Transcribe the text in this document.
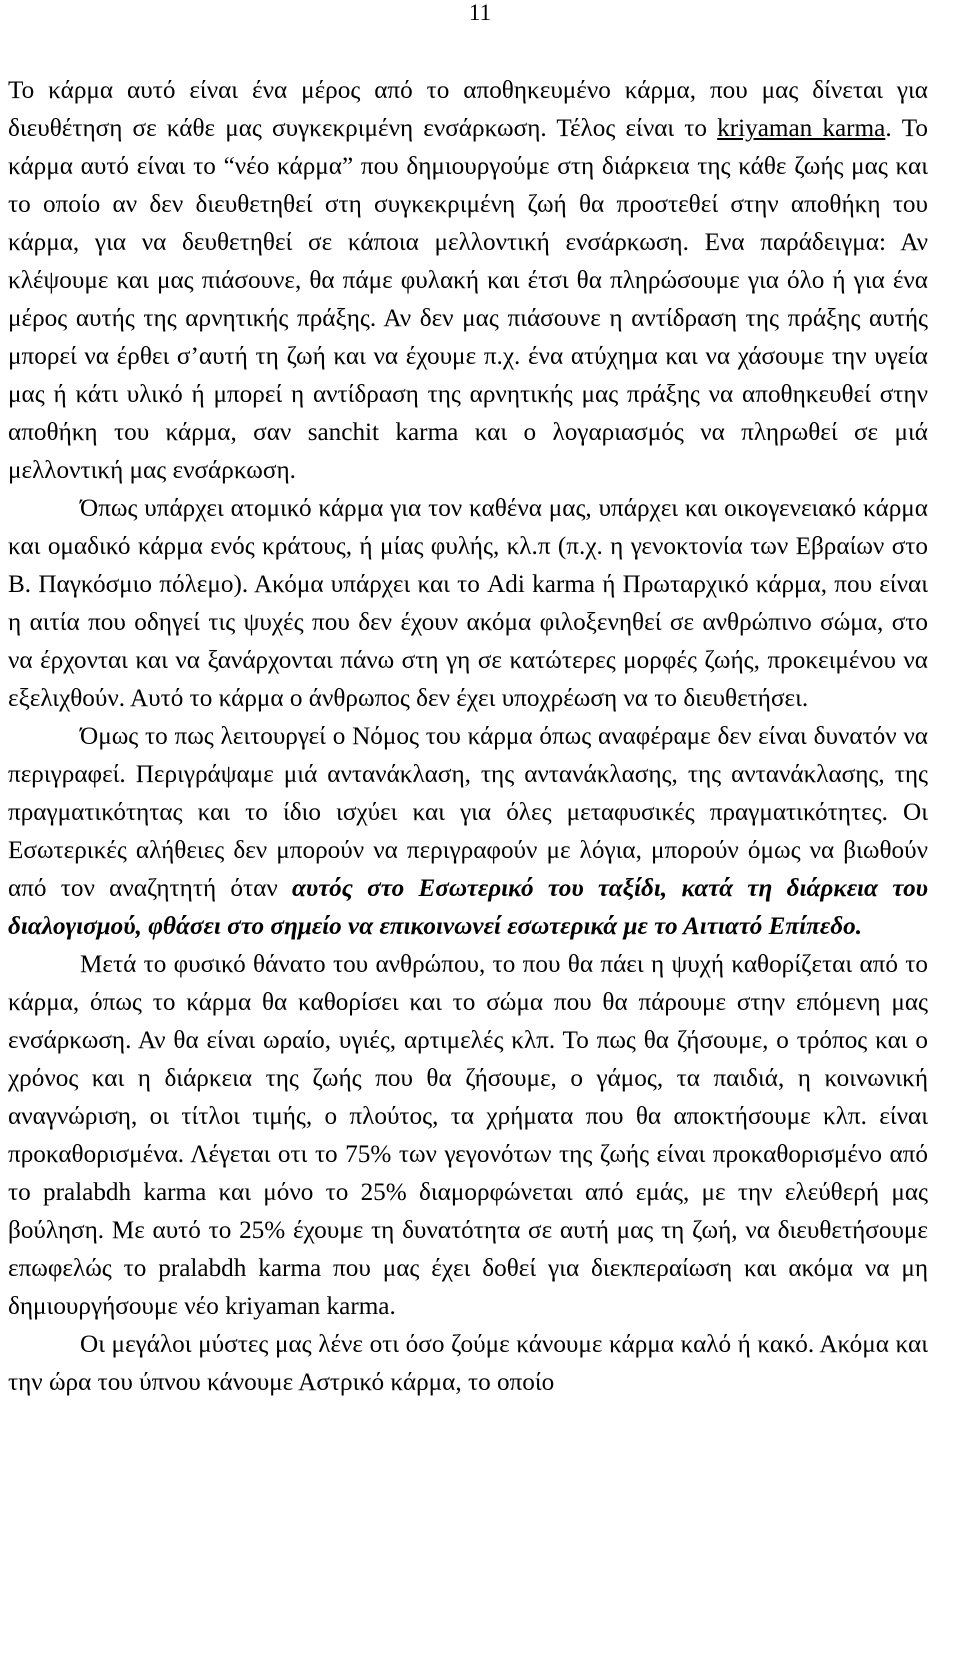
11

Το κάρμα αυτό είναι ένα μέρος από το αποθηκευμένο κάρμα, που μας δίνεται για διευθέτηση σε κάθε μας συγκεκριμένη ενσάρκωση. Τέλος είναι το kriyaman karma. Το κάρμα αυτό είναι το “νέο κάρμα” που δημιουργούμε στη διάρκεια της κάθε ζωής μας και το οποίο αν δεν διευθετηθεί στη συγκεκριμένη ζωή θα προστεθεί στην αποθήκη του κάρμα, για να δευθετηθεί σε κάποια μελλοντική ενσάρκωση. Ενα παράδειγμα: Αν κλέψουμε και μας πιάσουνε, θα πάμε φυλακή και έτσι θα πληρώσουμε για όλο ή για ένα μέρος αυτής της αρνητικής πράξης. Αν δεν μας πιάσουνε η αντίδραση της πράξης αυτής μπορεί να έρθει σ’αυτή τη ζωή και να έχουμε π.χ. ένα ατύχημα και να χάσουμε την υγεία μας ή κάτι υλικό ή μπορεί η αντίδραση της αρνητικής μας πράξης να αποθηκευθεί στην αποθήκη του κάρμα, σαν sanchit karma και ο λογαριασμός να πληρωθεί σε μιά μελλοντική μας ενσάρκωση.

Όπως υπάρχει ατομικό κάρμα για τον καθένα μας, υπάρχει και οικογενειακό κάρμα και ομαδικό κάρμα ενός κράτους, ή μίας φυλής, κλ.π (π.χ. η γενοκτονία των Εβραίων στο Β. Παγκόσμιο πόλεμο). Ακόμα υπάρχει και το Adi karma ή Πρωταρχικό κάρμα, που είναι η αιτία που οδηγεί τις ψυχές που δεν έχουν ακόμα φιλοξενηθεί σε ανθρώπινο σώμα, στο να έρχονται και να ξανάρχονται πάνω στη γη σε κατώτερες μορφές ζωής, προκειμένου να εξελιχθούν. Αυτό το κάρμα ο άνθρωπος δεν έχει υποχρέωση να το διευθετήσει.

Όμως το πως λειτουργεί ο Νόμος του κάρμα όπως αναφέραμε δεν είναι δυνατόν να περιγραφεί. Περιγράψαμε μιά αντανάκλαση, της αντανάκλασης, της αντανάκλασης, της πραγματικότητας και το ίδιο ισχύει και για όλες μεταφυσικές πραγματικότητες. Οι Εσωτερικές αλήθειες δεν μπορούν να περιγραφούν με λόγια, μπορούν όμως να βιωθούν από τον αναζητητή όταν αυτός στο Εσωτερικό του ταξίδι, κατά τη διάρκεια του διαλογισμού, φθάσει στο σημείο να επικοινωνεί εσωτερικά με το Αιτιατό Επίπεδο.

Μετά το φυσικό θάνατο του ανθρώπου, το που θα πάει η ψυχή καθορίζεται από το κάρμα, όπως το κάρμα θα καθορίσει και το σώμα που θα πάρουμε στην επόμενη μας ενσάρκωση. Αν θα είναι ωραίο, υγιές, αρτιμελές κλπ. Το πως θα ζήσουμε, ο τρόπος και ο χρόνος και η διάρκεια της ζωής που θα ζήσουμε, ο γάμος, τα παιδιά, η κοινωνική αναγνώριση, οι τίτλοι τιμής, ο πλούτος, τα χρήματα που θα αποκτήσουμε κλπ. είναι προκαθορισμένα. Λέγεται οτι το 75% των γεγονότων της ζωής είναι προκαθορισμένο από το pralabdh karma και μόνο το 25% διαμορφώνεται από εμάς, με την ελεύθερή μας βούληση. Με αυτό το 25% έχουμε τη δυνατότητα σε αυτή μας τη ζωή, να διευθετήσουμε επωφελώς το pralabdh karma που μας έχει δοθεί για διεκπεραίωση και ακόμα να μη δημιουργήσουμε νέο kriyaman karma.

Οι μεγάλοι μύστες μας λένε οτι όσο ζούμε κάνουμε κάρμα καλό ή κακό. Ακόμα και την ώρα του ύπνου κάνουμε Αστρικό κάρμα, το οποίο
